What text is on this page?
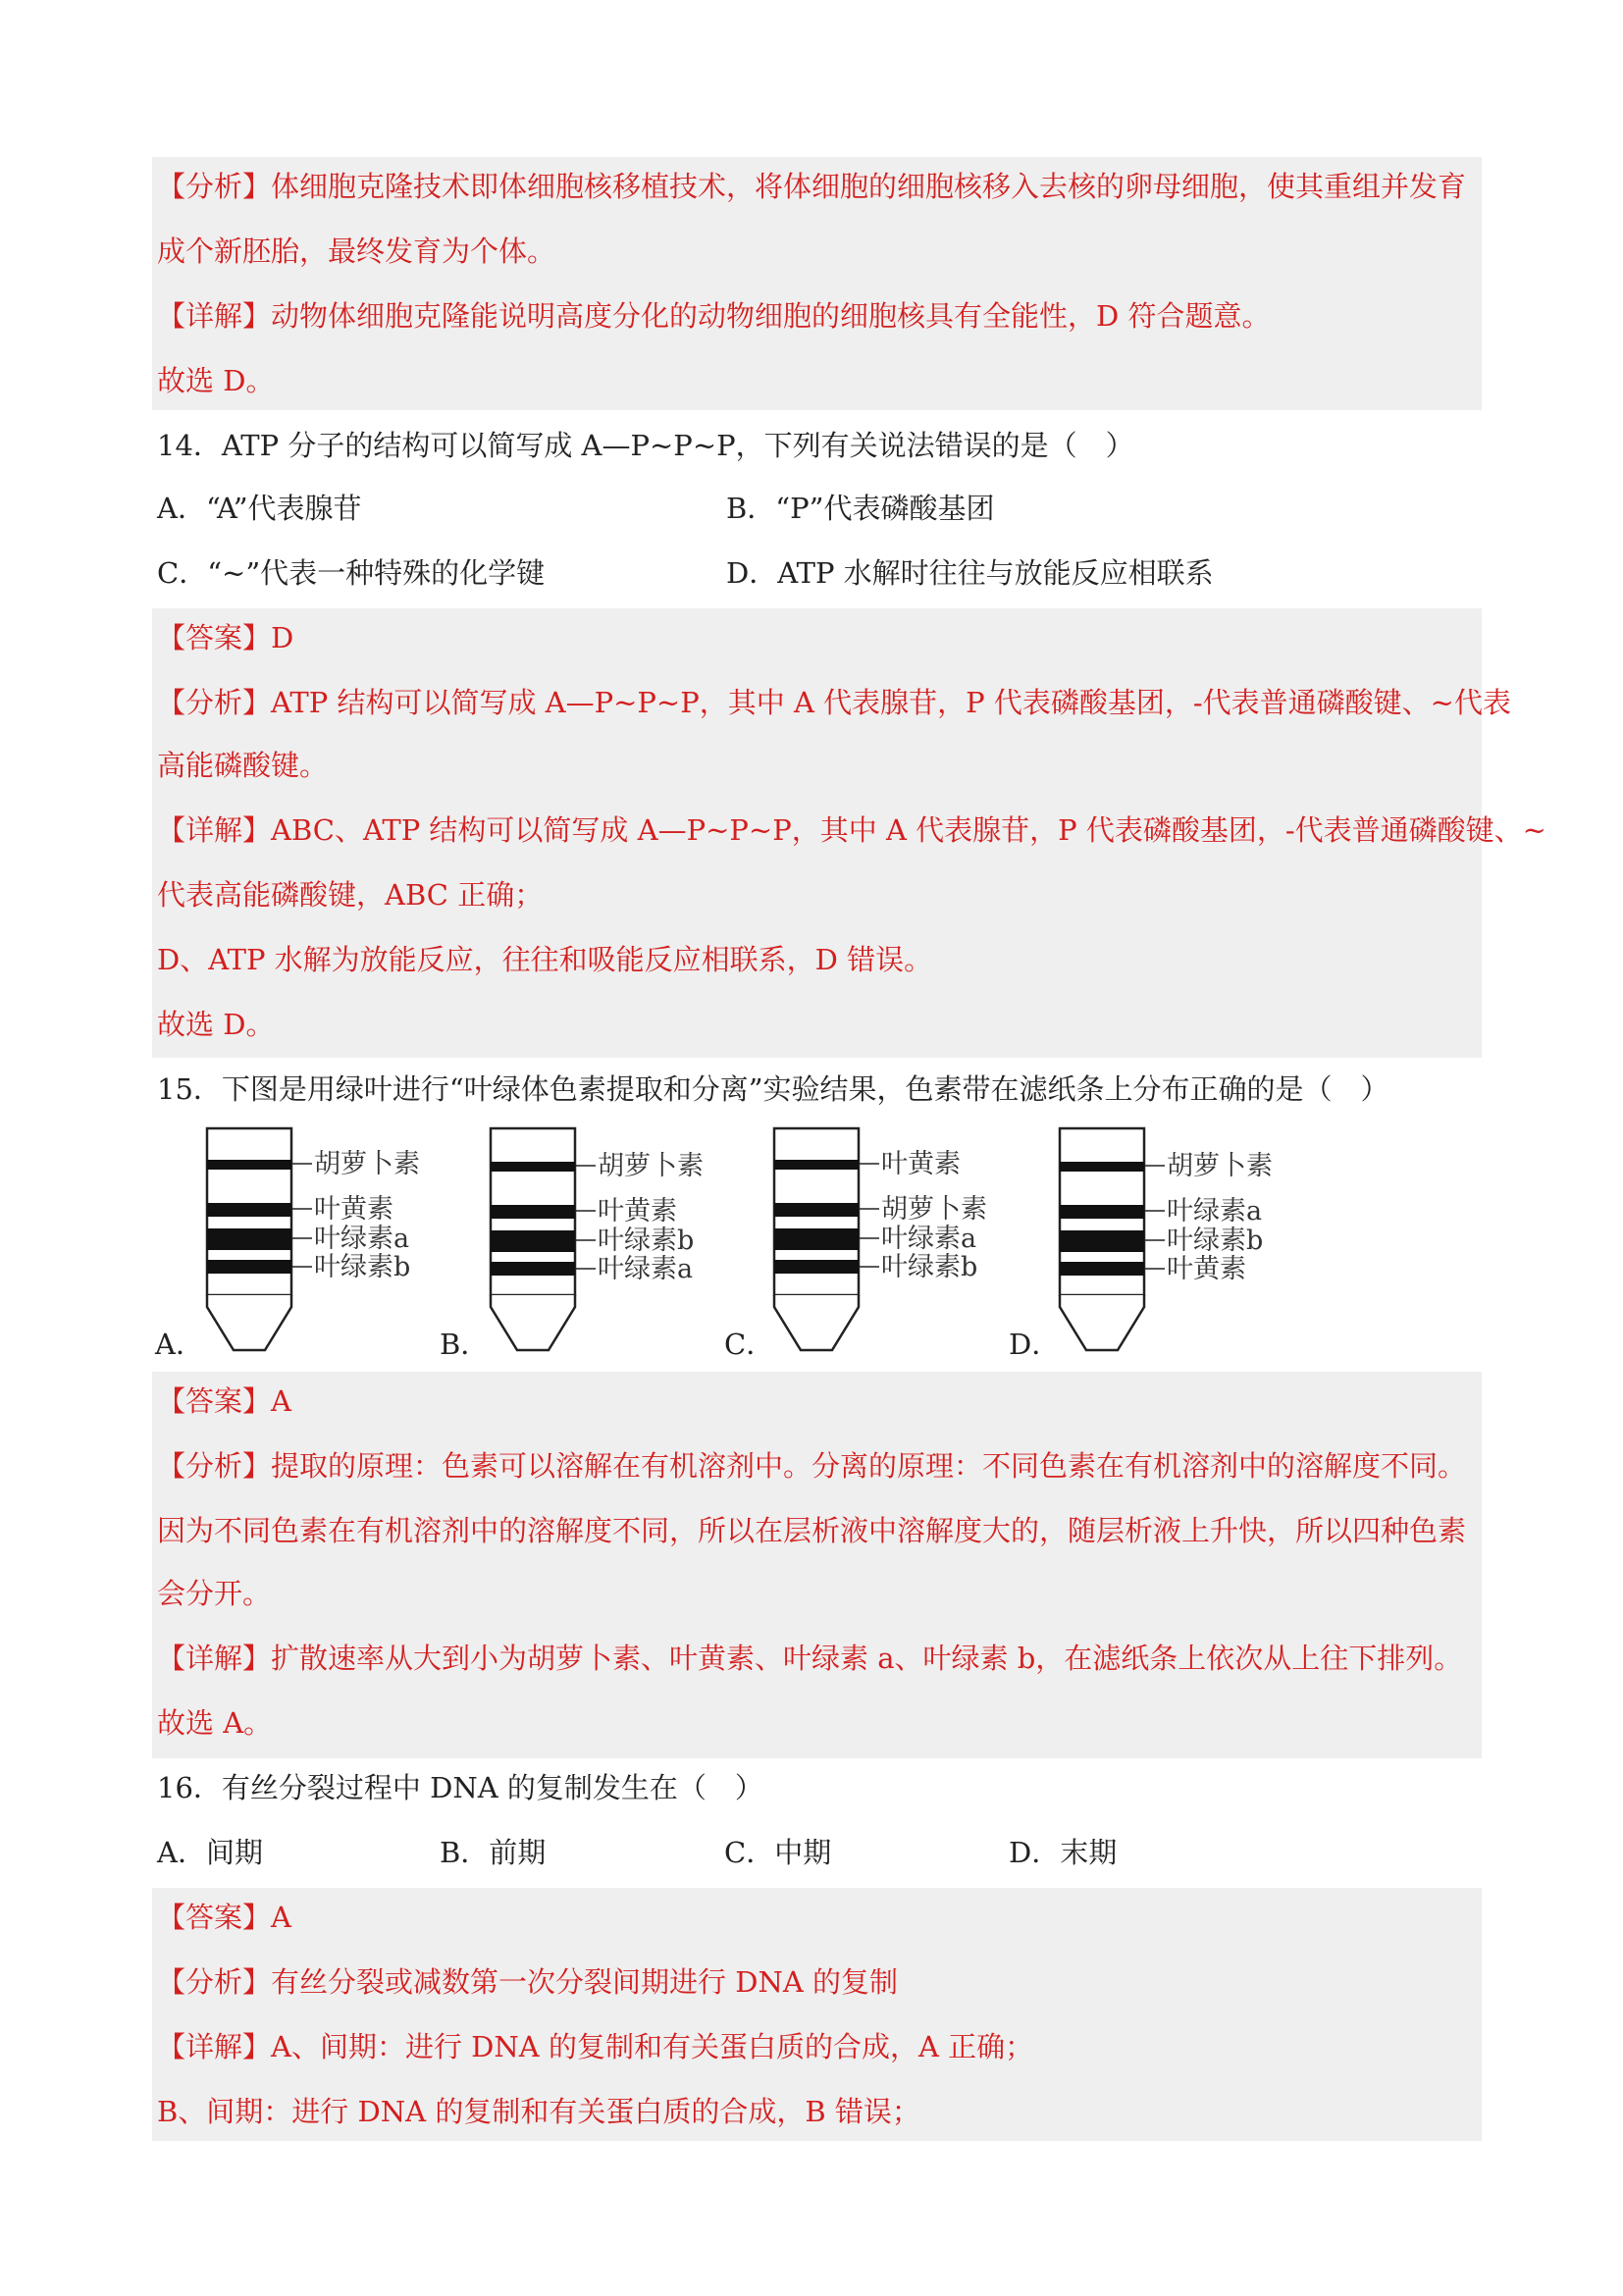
【分析】体细胞克隆技术即体细胞核移植技术，将体细胞的细胞核移入去核的卵母细胞，使其重组并发育
成个新胚胎，最终发育为个体。
【详解】动物体细胞克隆能说明高度分化的动物细胞的细胞核具有全能性，D 符合题意。
故选 D。
14．ATP 分子的结构可以简写成 A—P~P~P，下列有关说法错误的是（　）
A．“A”代表腺苷	B．“P”代表磷酸基团
C．“~”代表一种特殊的化学键	D．ATP 水解时往往与放能反应相联系
【答案】D
【分析】ATP 结构可以简写成 A—P~P~P，其中 A 代表腺苷，P 代表磷酸基团，-代表普通磷酸键、~代表
高能磷酸键。
【详解】ABC、ATP 结构可以简写成 A—P~P~P，其中 A 代表腺苷，P 代表磷酸基团，-代表普通磷酸键、~
代表高能磷酸键，ABC 正确；
D、ATP 水解为放能反应，往往和吸能反应相联系，D 错误。
故选 D。
15．下图是用绿叶进行“叶绿体色素提取和分离”实验结果，色素带在滤纸条上分布正确的是（　）
胡萝卜素
叶黄素
叶绿素a
叶绿素b
A．
胡萝卜素
叶黄素
叶绿素b
叶绿素a
B．
叶黄素
胡萝卜素
叶绿素a
叶绿素b
C．
胡萝卜素
叶绿素a
叶绿素b
叶黄素
D．
【答案】A
【分析】提取的原理：色素可以溶解在有机溶剂中。分离的原理：不同色素在有机溶剂中的溶解度不同。
因为不同色素在有机溶剂中的溶解度不同，所以在层析液中溶解度大的，随层析液上升快，所以四种色素
会分开。
【详解】扩散速率从大到小为胡萝卜素、叶黄素、叶绿素 a、叶绿素 b，在滤纸条上依次从上往下排列。
故选 A。
16．有丝分裂过程中 DNA 的复制发生在（　）
A．间期	B．前期	C．中期	D．末期
【答案】A
【分析】有丝分裂或减数第一次分裂间期进行 DNA 的复制
【详解】A、间期：进行 DNA 的复制和有关蛋白质的合成，A 正确；
B、间期：进行 DNA 的复制和有关蛋白质的合成，B 错误；
